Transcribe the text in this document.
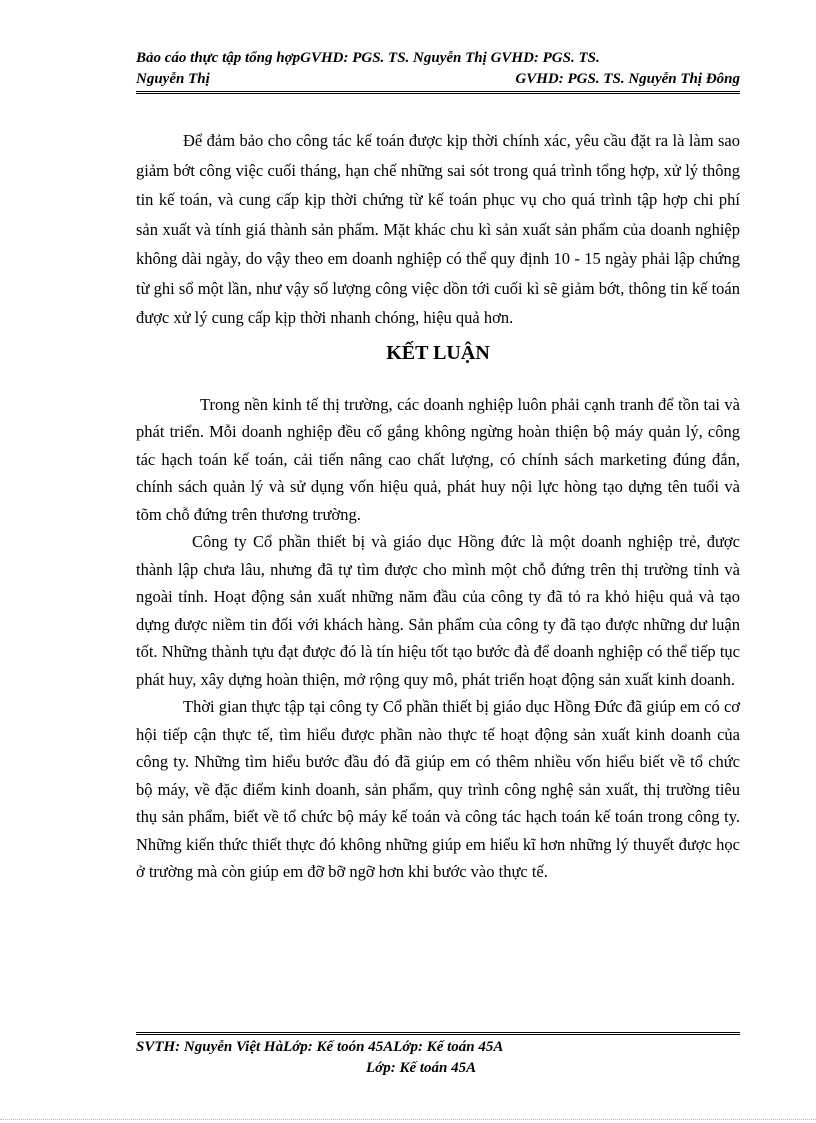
Bảo cáo thực tập tổng hợpGVHD: PGS. TS. Nguyễn Thị GVHD: PGS. TS.
Nguyễn Thị	GVHD: PGS. TS. Nguyễn Thị Đông

Để đảm bảo cho công tác kế toán được kịp thời chính xác, yêu cầu đặt ra là làm sao giảm bớt công việc cuối tháng, hạn chế những sai sót trong quá trình tổng hợp, xử lý thông tin kế toán, và cung cấp kịp thời chứng từ kế toán phục vụ cho quá trình tập hợp chi phí sản xuất và tính giá thành sản phẩm. Mặt khác chu kì sản xuất sản phẩm của doanh nghiệp không dài ngày, do vậy theo em doanh nghiệp có thể quy định 10 - 15 ngày phải lập chứng từ ghi sổ một lần, như vậy số lượng công việc dồn tới cuối kì sẽ giảm bớt, thông tin kế toán được xử lý cung cấp kịp thời nhanh chóng, hiệu quả hơn.

KẾT LUẬN

Trong nền kinh tế thị trường, các doanh nghiệp luôn phải cạnh tranh để tồn tai và phát triển. Mỗi doanh nghiệp đều cố gắng không ngừng hoàn thiện bộ máy quản lý, công tác hạch toán kế toán, cải tiến nâng cao chất lượng, có chính sách marketing đúng đắn, chính sách quản lý và sử dụng vốn hiệu quả, phát huy nội lực hòng tạo dựng tên tuổi và tõm chỗ đứng trên thương trường.

Công ty Cổ phần thiết bị và giáo dục Hồng đức là một doanh nghiệp trẻ, được thành lập chưa lâu, nhưng đã tự tìm được cho mình một chỗ đứng trên thị trường tỉnh và ngoài tỉnh. Hoạt động sản xuất những năm đầu của công ty đã tỏ ra khỏ hiệu quả và tạo dựng được niềm tin đối với khách hàng. Sản phẩm của công ty đã tạo được những dư luận tốt. Những thành tựu đạt được đó là tín hiệu tốt tạo bước đà để doanh nghiệp có thể tiếp tục phát huy, xây dựng hoàn thiện, mở rộng quy mô, phát triển hoạt động sản xuất kinh doanh.

Thời gian thực tập tại công ty Cổ phần thiết bị giáo dục Hồng Đức đã giúp em có cơ hội tiếp cận thực tế, tìm hiểu được phần nào thực tế hoạt động sản xuất kinh doanh của công ty. Những tìm hiểu bước đầu đó đã giúp em có thêm nhiều vốn hiểu biết về tổ chức bộ máy, về đặc điểm kinh doanh, sản phẩm, quy trình công nghệ sản xuất, thị trường tiêu thụ sản phẩm, biết về tổ chức bộ máy kế toán và công tác hạch toán kế toán trong công ty. Những kiến thức thiết thực đó không những giúp em hiểu kĩ hơn những lý thuyết được học ở trường mà còn giúp em đỡ bỡ ngỡ hơn khi bước vào thực tế.

SVTH: Nguyễn Việt HàLớp: Kế toón 45ALớp: Kế toán 45A
Lớp: Kế toán 45A
